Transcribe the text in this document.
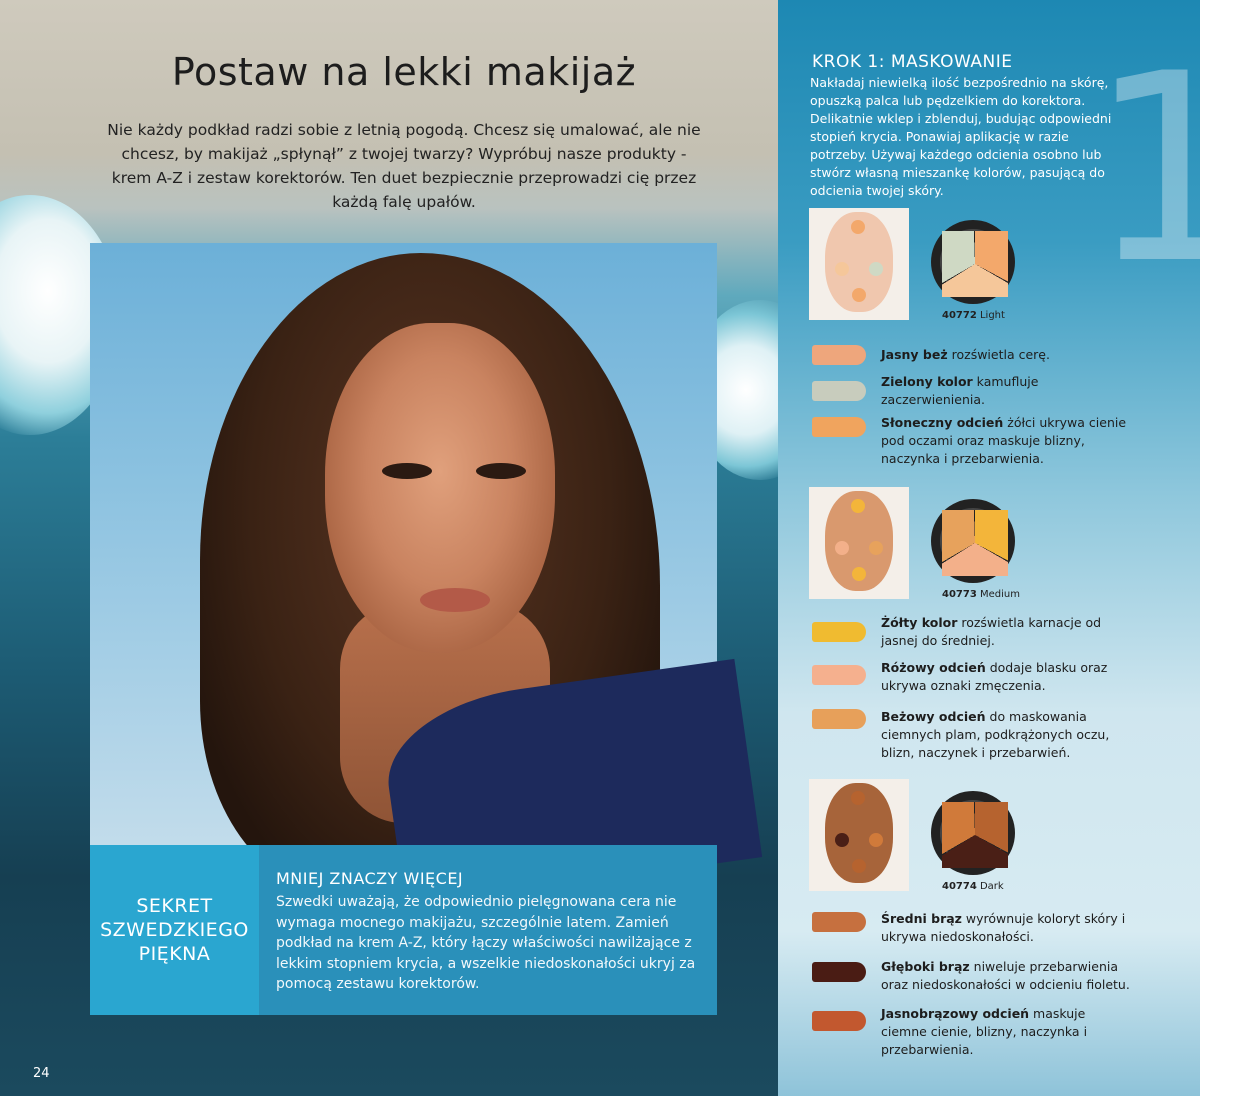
Postaw na lekki makijaż
Nie każdy podkład radzi sobie z letnią pogodą. Chcesz się umalować, ale nie chcesz, by makijaż „spłynął” z twojej twarzy? Wypróbuj nasze produkty - krem A-Z i zestaw korektorów. Ten duet bezpiecznie przeprowadzi cię przez każdą falę upałów.
SEKRET SZWEDZKIEGO PIĘKNA
MNIEJ ZNACZY WIĘCEJ
Szwedki uważają, że odpowiednio pielęgnowana cera nie wymaga mocnego makijażu, szczególnie latem. Zamień podkład na krem A-Z, który łączy właściwości nawilżające z lekkim stopniem krycia, a wszelkie niedoskonałości ukryj za pomocą zestawu korektorów.
24
1
KROK 1: MASKOWANIE
Nakładaj niewielką ilość bezpośrednio na skórę, opuszką palca lub pędzelkiem do korektora. Delikatnie wklep i zblenduj, budując odpowiedni stopień krycia. Ponawiaj aplikację w razie potrzeby. Używaj każdego odcienia osobno lub stwórz własną mieszankę kolorów, pasującą do odcienia twojej skóry.
40772 Light
Jasny beż rozświetla cerę.
Zielony kolor kamufluje zaczerwienienia.
Słoneczny odcień żółci ukrywa cienie pod oczami oraz maskuje blizny, naczynka i przebarwienia.
40773 Medium
Żółty kolor rozświetla karnacje od jasnej do średniej.
Różowy odcień dodaje blasku oraz ukrywa oznaki zmęczenia.
Beżowy odcień do maskowania ciemnych plam, podkrążonych oczu, blizn, naczynek i przebarwień.
40774 Dark
Średni brąz wyrównuje koloryt skóry i ukrywa niedoskonałości.
Głęboki brąz niweluje przebarwienia oraz niedoskonałości w odcieniu fioletu.
Jasnobrązowy odcień maskuje ciemne cienie, blizny, naczynka i przebarwienia.
